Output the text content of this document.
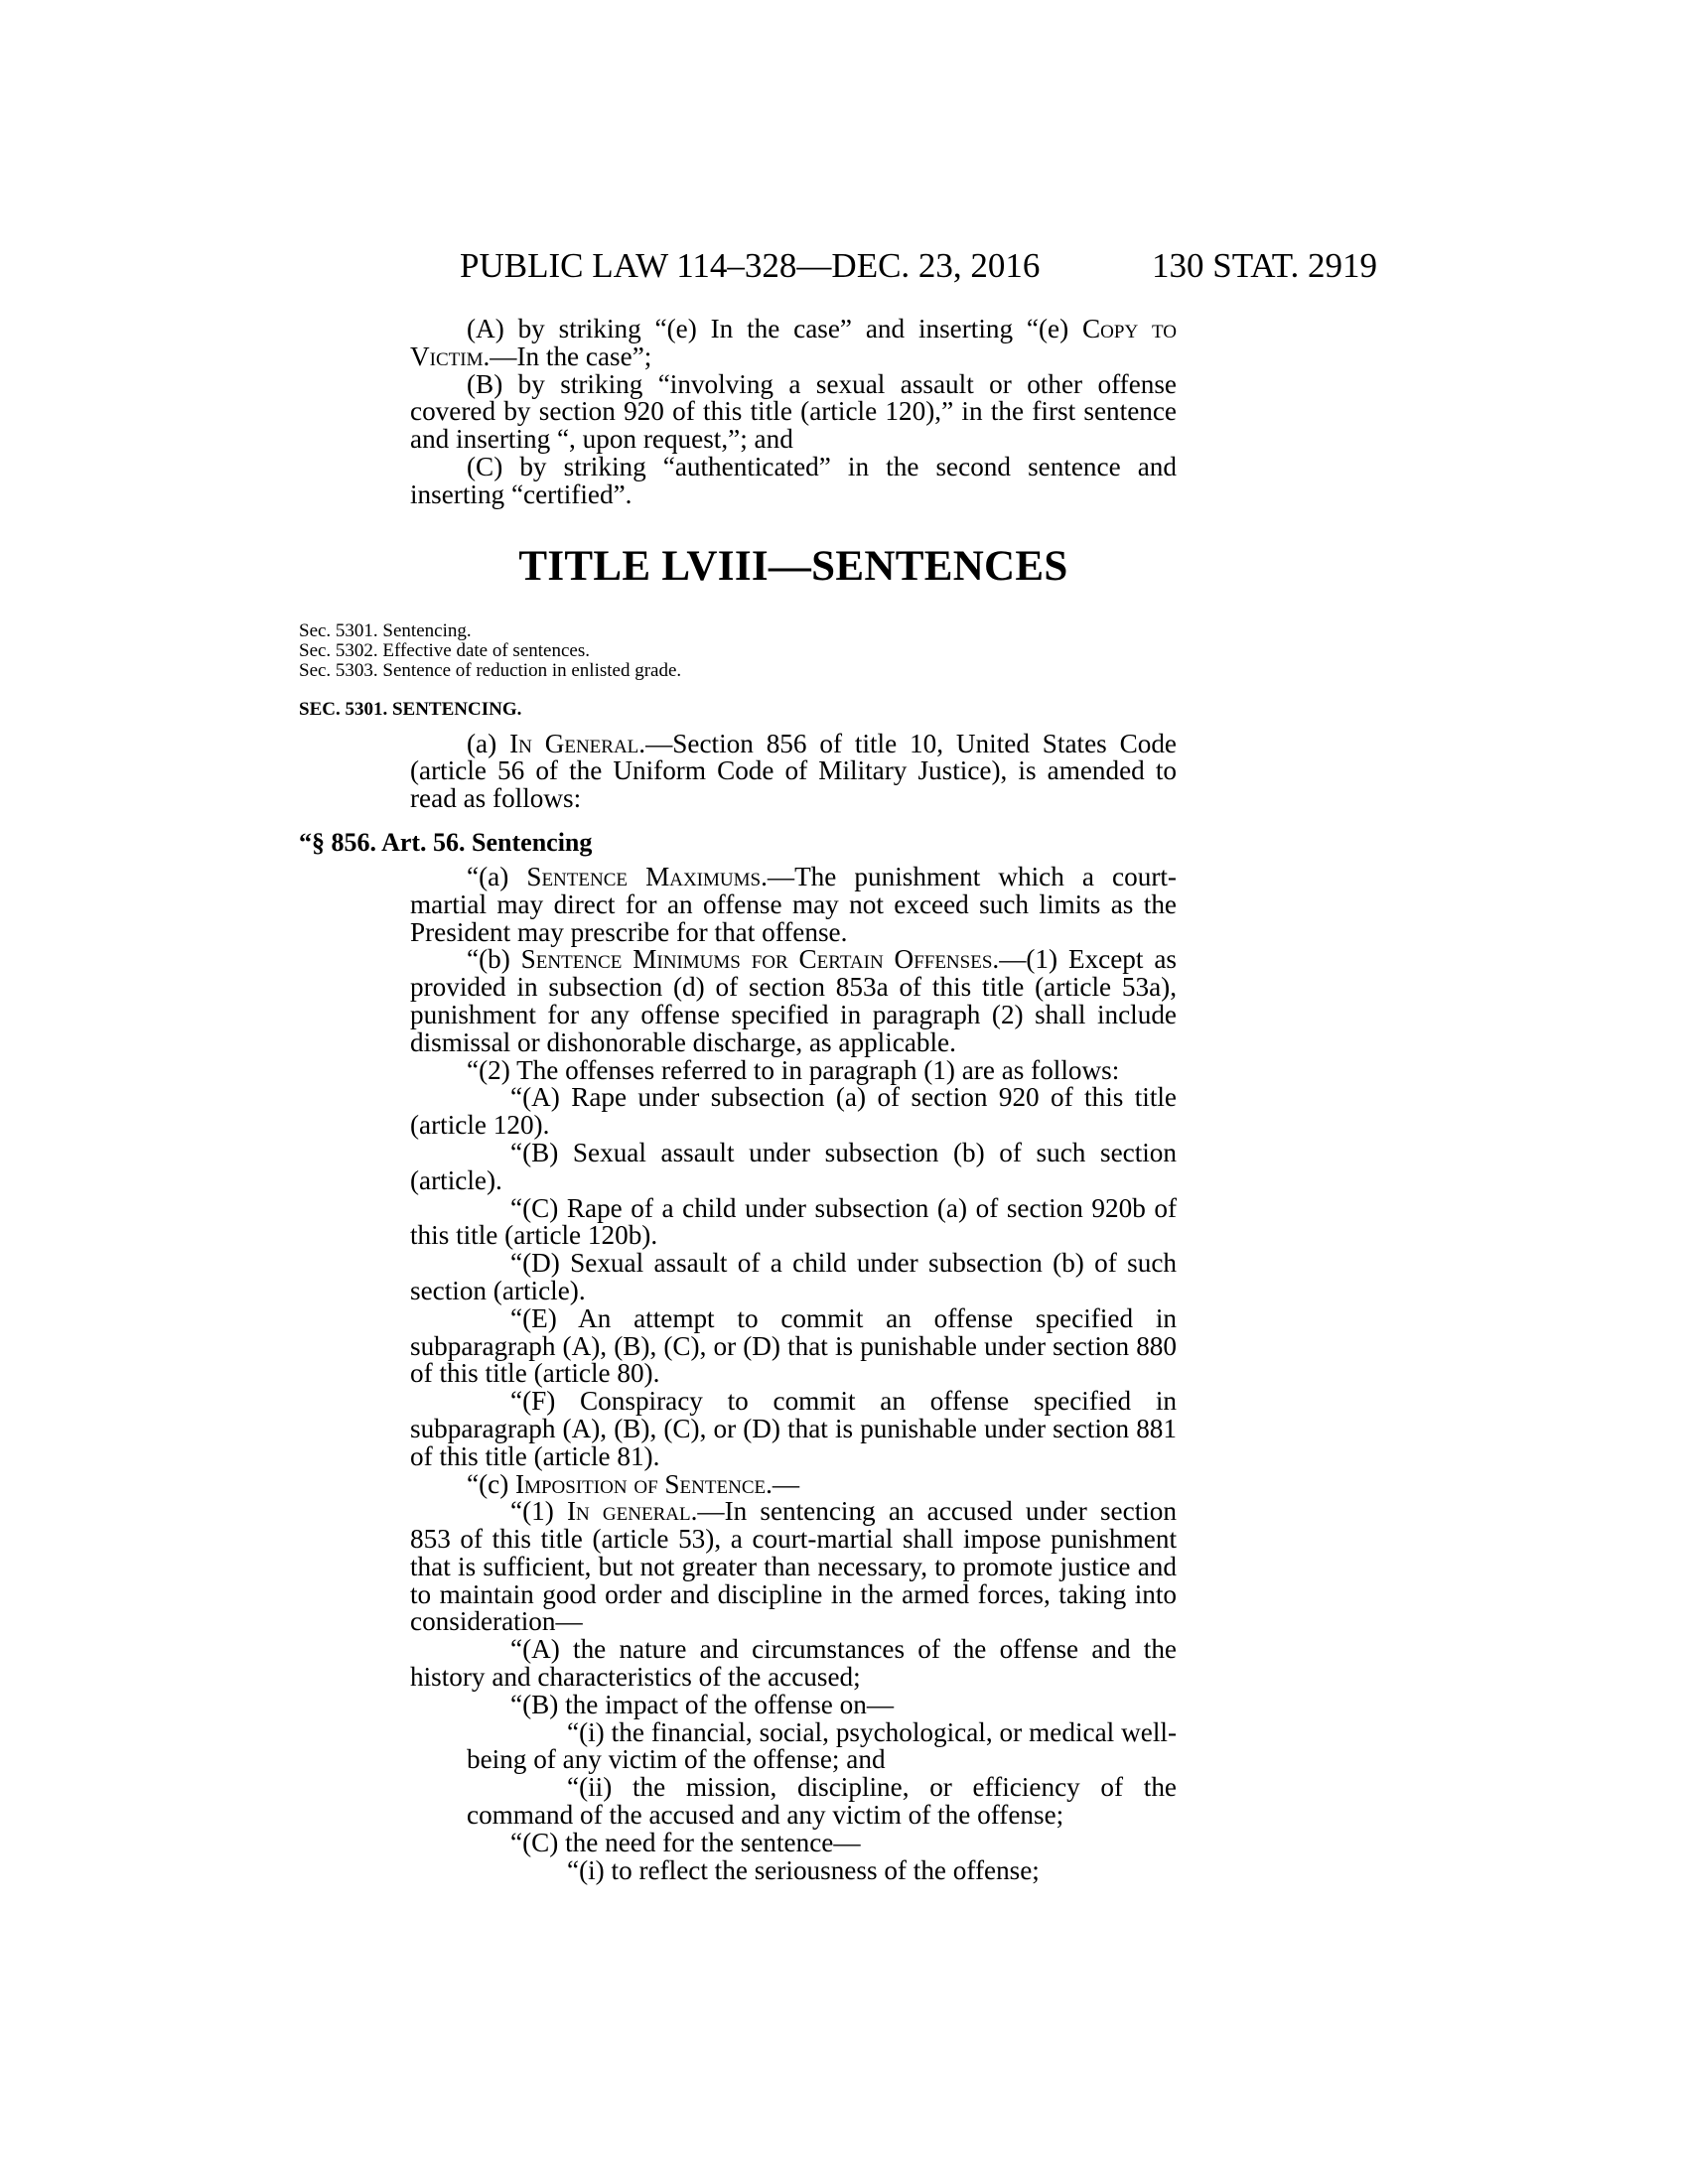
PUBLIC LAW 114–328—DEC. 23, 2016	130 STAT. 2919

(A) by striking “(e) In the case” and inserting “(e) Copy to Victim.—In the case”;

(B) by striking “involving a sexual assault or other offense covered by section 920 of this title (article 120),” in the first sentence and inserting “, upon request,”; and

(C) by striking “authenticated” in the second sentence and inserting “certified”.

TITLE LVIII—SENTENCES
Sec. 5301. Sentencing.
Sec. 5302. Effective date of sentences.
Sec. 5303. Sentence of reduction in enlisted grade.
SEC. 5301. SENTENCING.

(a) In General.—Section 856 of title 10, United States Code (article 56 of the Uniform Code of Military Justice), is amended to read as follows:

“§ 856. Art. 56. Sentencing

“(a) Sentence Maximums.—The punishment which a court-martial may direct for an offense may not exceed such limits as the President may prescribe for that offense.

“(b) Sentence Minimums for Certain Offenses.—(1) Except as provided in subsection (d) of section 853a of this title (article 53a), punishment for any offense specified in paragraph (2) shall include dismissal or dishonorable discharge, as applicable.

“(2) The offenses referred to in paragraph (1) are as follows:

“(A) Rape under subsection (a) of section 920 of this title (article 120).

“(B) Sexual assault under subsection (b) of such section (article).

“(C) Rape of a child under subsection (a) of section 920b of this title (article 120b).

“(D) Sexual assault of a child under subsection (b) of such section (article).

“(E) An attempt to commit an offense specified in subparagraph (A), (B), (C), or (D) that is punishable under section 880 of this title (article 80).

“(F) Conspiracy to commit an offense specified in subparagraph (A), (B), (C), or (D) that is punishable under section 881 of this title (article 81).

“(c) Imposition of Sentence.—

“(1) In general.—In sentencing an accused under section 853 of this title (article 53), a court-martial shall impose punishment that is sufficient, but not greater than necessary, to promote justice and to maintain good order and discipline in the armed forces, taking into consideration—

“(A) the nature and circumstances of the offense and the history and characteristics of the accused;

“(B) the impact of the offense on—

“(i) the financial, social, psychological, or medical well-being of any victim of the offense; and

“(ii) the mission, discipline, or efficiency of the command of the accused and any victim of the offense;

“(C) the need for the sentence—

“(i) to reflect the seriousness of the offense;
